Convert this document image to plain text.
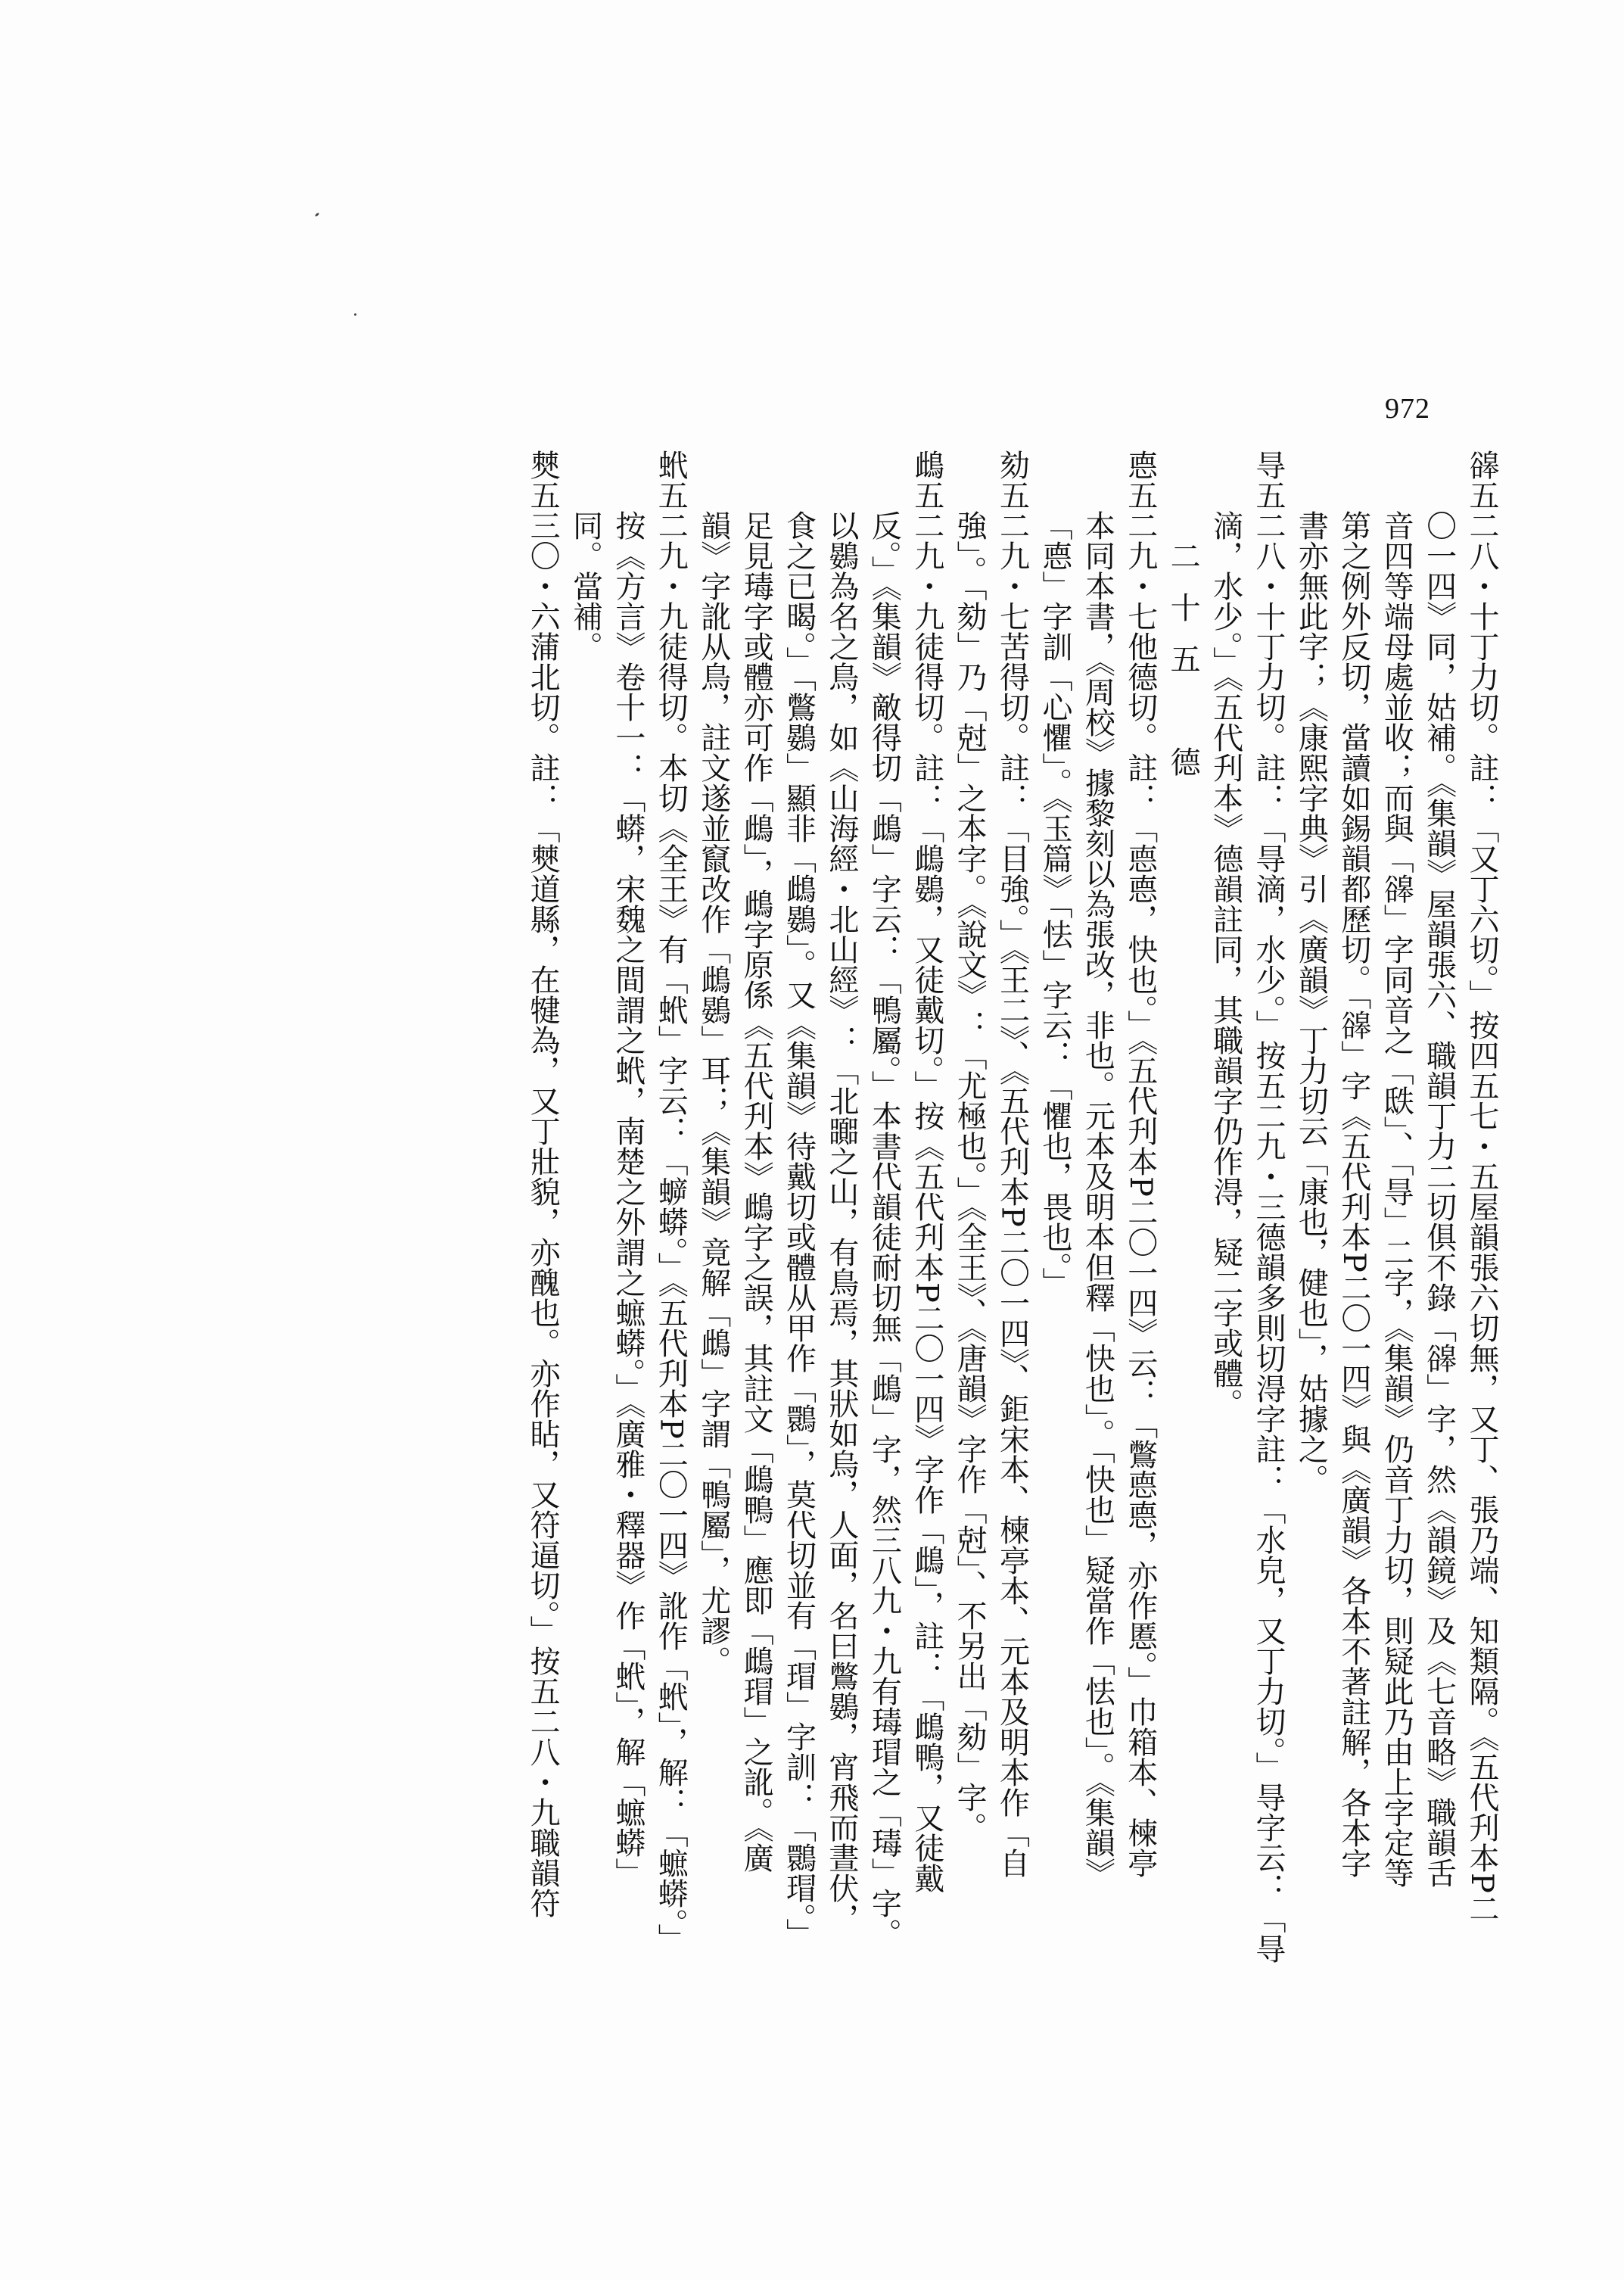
972
䜰五二八・十丁力切。註：「又丁六切。」按四五七・五屋韻張六切無，又丁、張乃端、知類隔。《五代刋本P二
〇一四》同，姑補。《集韻》屋韻張六、職韻丁力二切俱不錄「䜰」字，然《韻鏡》及《七音略》職韻舌
音四等端母處並收；而與「䜰」字同音之「㲳」、「㝵」二字，《集韻》仍音丁力切，則疑此乃由上字定等
第之例外反切，當讀如錫韻都歷切。「䜰」字《五代刋本P二〇一四》與《廣韻》各本不著註解，各本字
書亦無此字；《康熙字典》引《廣韻》丁力切云「康也，健也」，姑據之。
㝵五二八・十丁力切。註：「㝵滴，水少。」按五二九・三德韻多則切淂字註：「水皃，又丁力切。」㝵字云：「㝵
滴，水少。」《五代刋本》德韻註同，其職韻字仍作淂，疑二字或體。
二十五　德
㥁五二九・七他德切。註：「㥁㥁，快也。」《五代刋本P二〇一四》云：「鷩㥁㥁，亦作慝。」巾箱本、楝亭
本同本書，《周校》據黎刻以為張改，非也。元本及明本但釋「快也」。「快也」疑當作「怯也」。《集韻》
「㥁」字訓「心懼」。《玉篇》「怯」字云：「懼也，畏也。」
劾五二九・七苦得切。註：「目強。」《王二》、《五代刋本P二〇一四》、鉅宋本、楝亭本、元本及明本作「自
強」。「劾」乃「尅」之本字。《說文》：「尤極也。」《全王》、《唐韻》字作「尅」、不另出「劾」字。
䳄五二九・九徒得切。註：「䳄鷃，又徒戴切。」按《五代刋本P二〇一四》字作「䳄」，註：「䳄鴨，又徒戴
反。」《集韻》敵得切「䳄」字云：「鴨屬。」本書代韻徒耐切無「䳄」字，然三八九・九有瑇瑁之「瑇」字。
以鷃為名之鳥，如《山海經・北山經》：「北嚻之山，有鳥焉，其狀如烏，人面，名曰鷩鷃，宵飛而晝伏，
食之已暍。」「鷩鷃」顯非「䳄鷃」。又《集韻》待戴切或體从甲作「䴉」，莫代切並有「瑁」字訓：「䴉瑁。」
足見瑇字或體亦可作「䳄」，䳄字原係《五代刋本》䳄字之誤，其註文「䳄鴨」應即「䳄瑁」之訛。《廣
韻》字訛从鳥，註文遂並竄改作「䳄鷃」耳；《集韻》竟解「䳄」字謂「鴨屬」，尤謬。
蚮五二九・九徒得切。本切《全王》有「蚮」字云：「蝷蟒。」《五代刋本P二〇一四》訛作「蚮」，解：「蟅蟒。」
按《方言》卷十一：「蟒，宋魏之間謂之蚮，南楚之外謂之蟅蟒。」《廣雅・釋器》作「蚮」，解「蟅蟒」
同。當補。
僰五三〇・六蒲北切。註：「僰道縣，在犍為，又丁壯貌，亦醜也。亦作䀡，又符逼切。」按五二八・九職韻符
